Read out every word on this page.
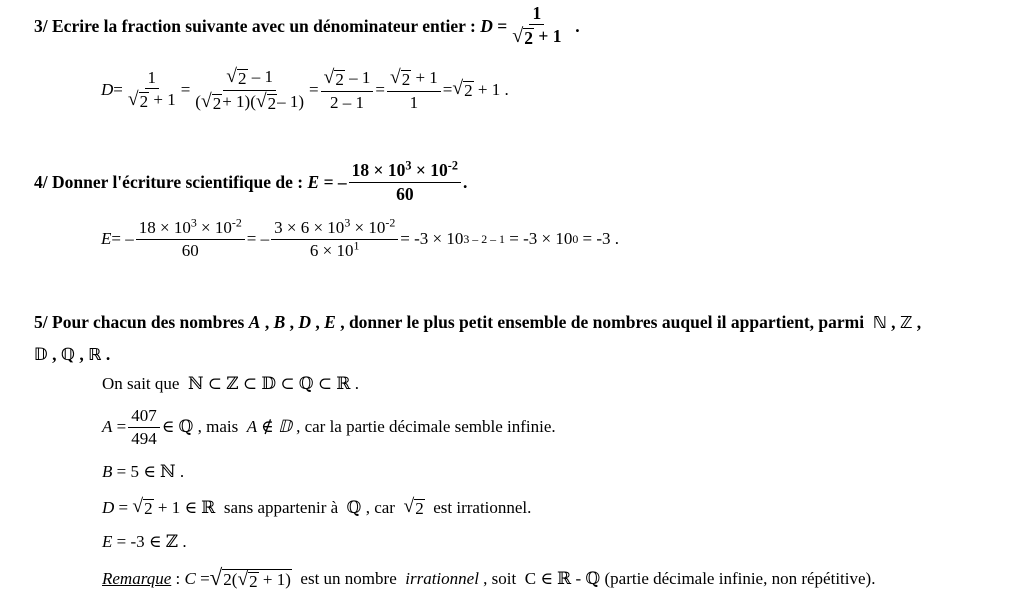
3/
Ecrire la fraction suivante avec un dénominateur entier :
D
= $\frac{1}{√ 2 + 1}$
.
$D = \frac{1}{√ 2 + 1} = \frac{√ 2 - 1}{( √ 2 + 1)( √ 2 - 1)} = \frac{√ 2 - 1}{2 - 1} = \frac{√ 2 + 1}{1}$ = √ 2
+ 1 .
4/
Donner l'écriture scientifique de :
E
= – $\frac{18 \times 10^3 \times 10^{-2}}{60}$ .
E = – $\frac{18 \times 10^3 \times 10^{-2}}{60}$ = – $\frac{3 \times 6 \times 10^3 \times 10^{-2}}{6 \times 10^1} = -3 \times 10$ 3 – 2 – 1
= -3 × 10 0
= -3 .
5/
Pour chacun des nombres
A
,
B
,
D
,
E
,
donner le plus petit ensemble de nombres auquel il appartient, parmi
ℕ
,
ℤ
,
𝔻
,
ℚ
,
ℝ
.
On sait que
ℕ ⊂ ℤ ⊂ 𝔻 ⊂ ℚ ⊂ ℝ .
A
= $\frac{407}{494}$ ∈ ℚ , mais
A ∉ 𝔻
, car la partie décimale semble infinie.
B
= 5 ∈ ℕ .
D
=
√ 2
+ 1 ∈ ℝ
sans appartenir à
ℚ
, car
√ 2
est irrationnel.
E
= -3 ∈ ℤ .
Remarque
:
C
= √ 2( √ 2 + 1)
est un nombre
irrationnel
, soit
C ∈ ℝ - ℚ
(partie décimale infinie, non répétitive).
